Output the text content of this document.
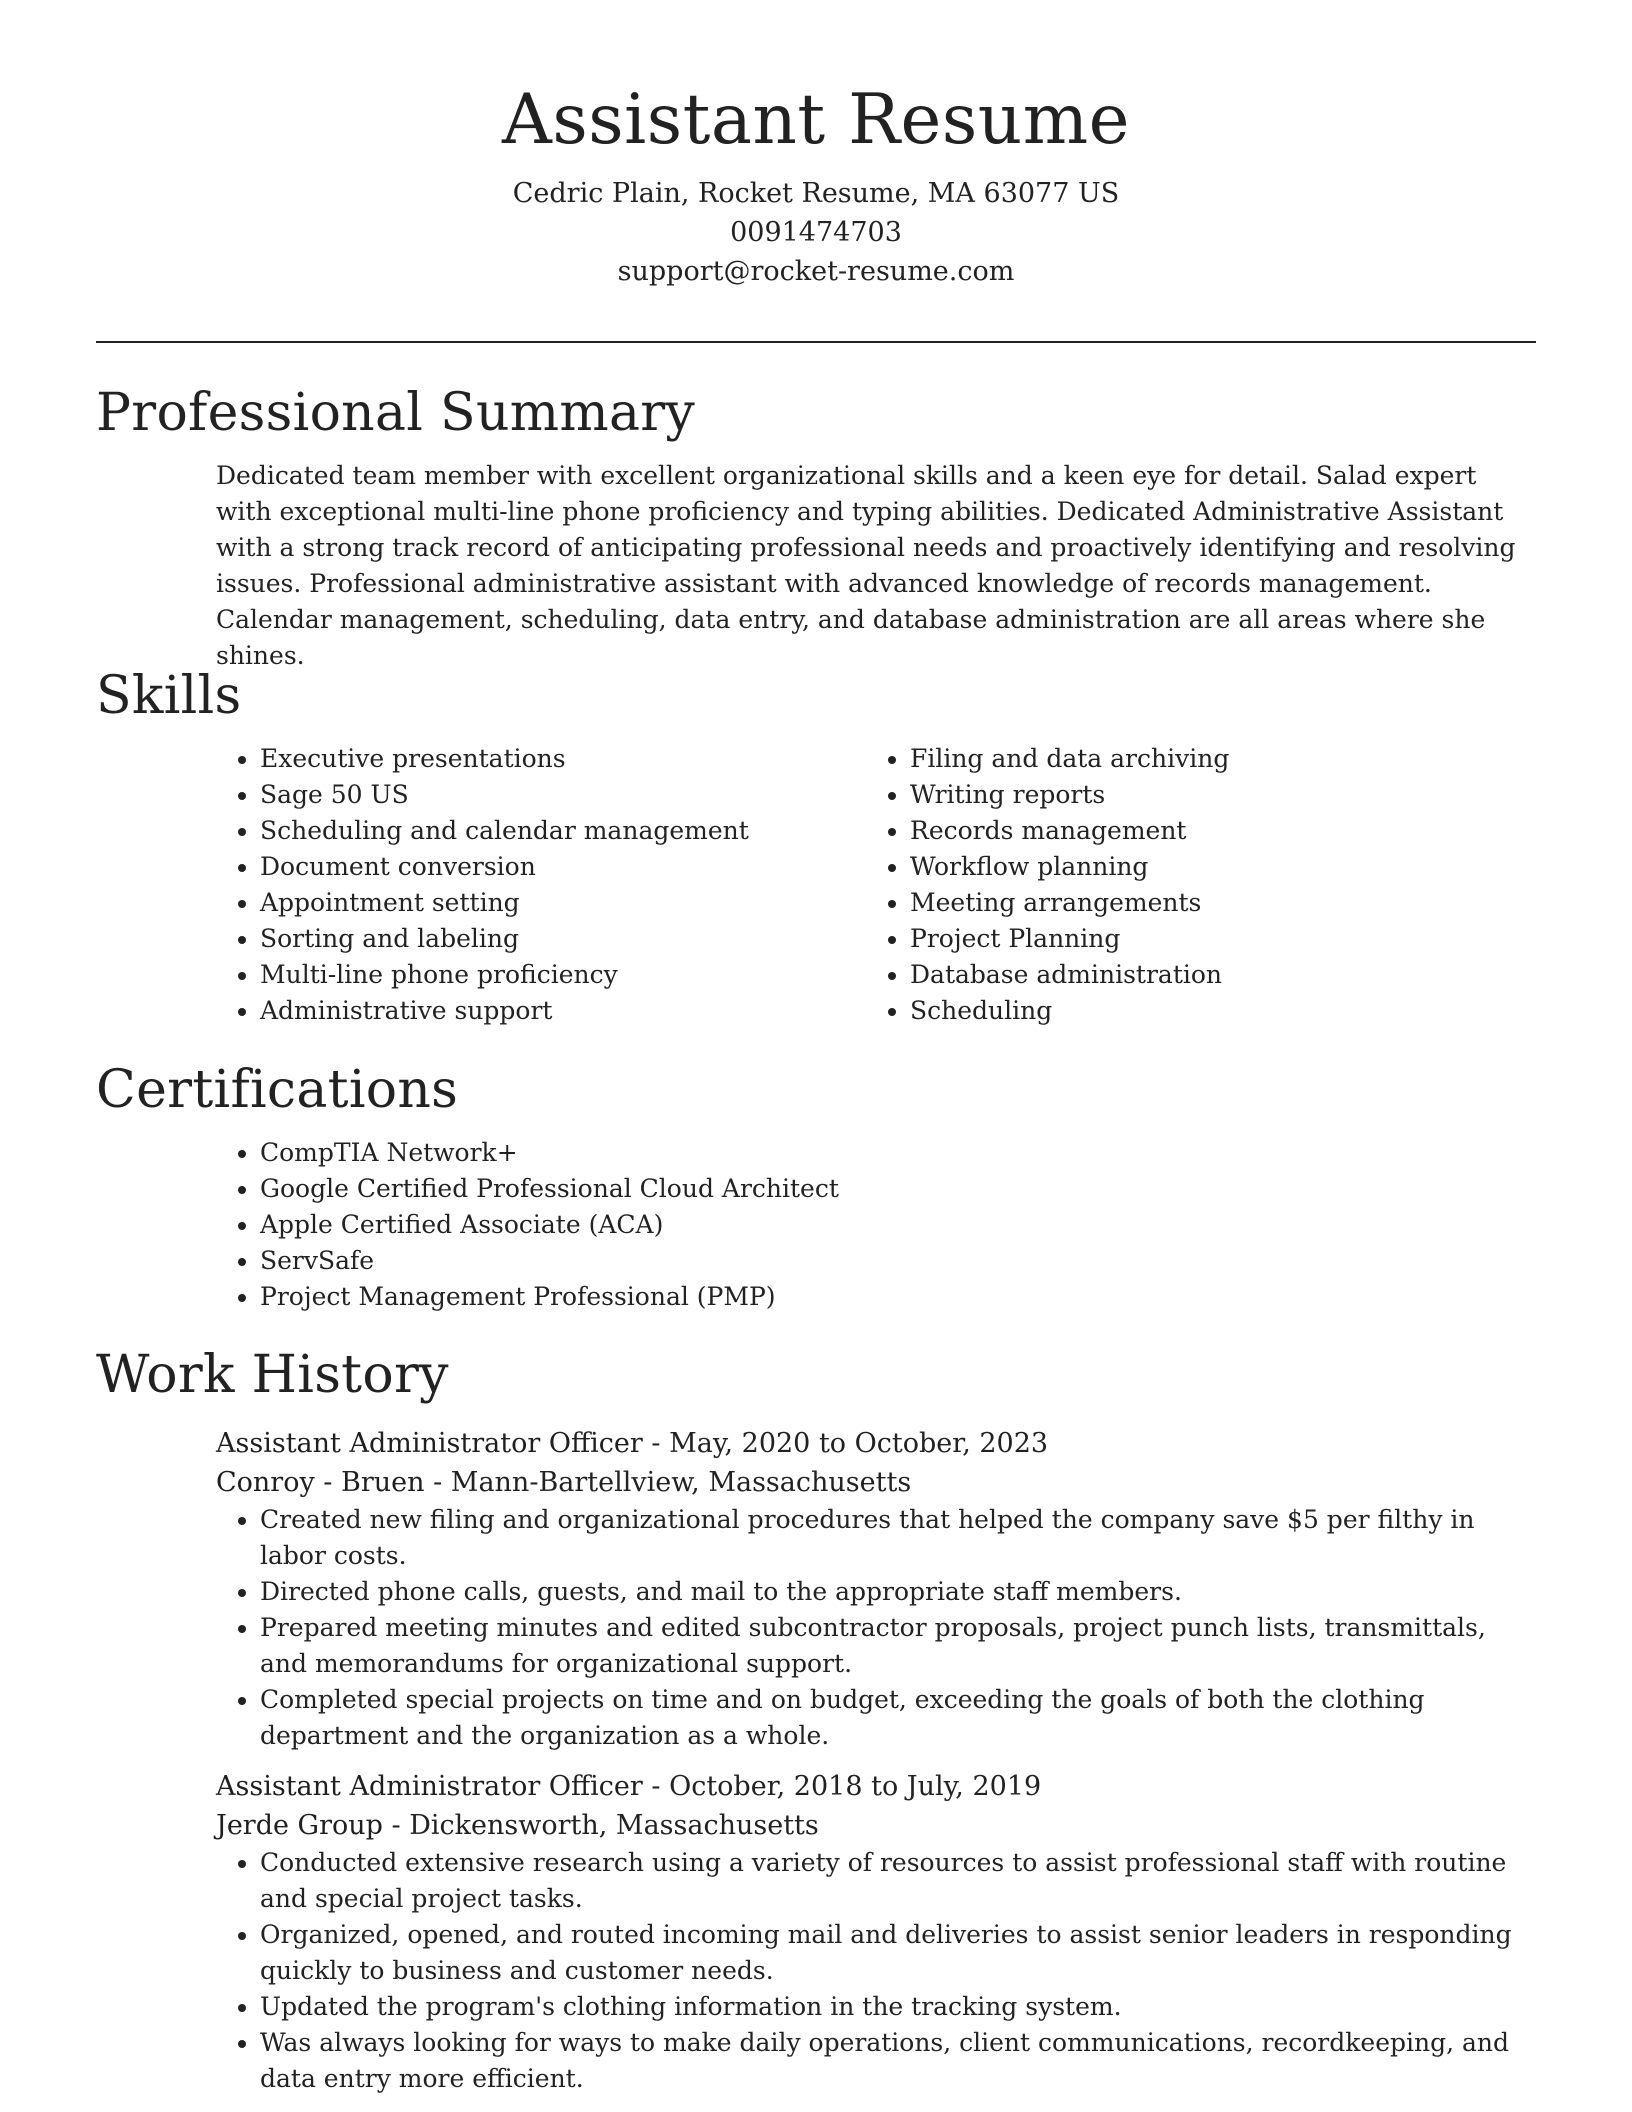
Assistant Resume

Cedric Plain, Rocket Resume, MA 63077 US

0091474703

support@rocket-resume.com

Professional Summary
Dedicated team member with excellent organizational skills and a keen eye for detail. Salad expert with exceptional multi-line phone proficiency and typing abilities. Dedicated Administrative Assistant with a strong track record of anticipating professional needs and proactively identifying and resolving issues. Professional administrative assistant with advanced knowledge of records management. Calendar management, scheduling, data entry, and database administration are all areas where she shines.
Skills
• Executive presentations
• Sage 50 US
• Scheduling and calendar management
• Document conversion
• Appointment setting
• Sorting and labeling
• Multi-line phone proficiency
• Administrative support
• Filing and data archiving
• Writing reports
• Records management
• Workflow planning
• Meeting arrangements
• Project Planning
• Database administration
• Scheduling
Certifications
• CompTIA Network+
• Google Certified Professional Cloud Architect
• Apple Certified Associate (ACA)
• ServSafe
• Project Management Professional (PMP)
Work History

Assistant Administrator Officer - May, 2020 to October, 2023

Conroy - Bruen - Mann-Bartellview, Massachusetts

• Created new filing and organizational procedures that helped the company save $5 per filthy in labor costs.
• Directed phone calls, guests, and mail to the appropriate staff members.
• Prepared meeting minutes and edited subcontractor proposals, project punch lists, transmittals, and memorandums for organizational support.
• Completed special projects on time and on budget, exceeding the goals of both the clothing department and the organization as a whole.

Assistant Administrator Officer - October, 2018 to July, 2019

Jerde Group - Dickensworth, Massachusetts

• Conducted extensive research using a variety of resources to assist professional staff with routine and special project tasks.
• Organized, opened, and routed incoming mail and deliveries to assist senior leaders in responding quickly to business and customer needs.
• Updated the program's clothing information in the tracking system.
• Was always looking for ways to make daily operations, client communications, recordkeeping, and data entry more efficient.
